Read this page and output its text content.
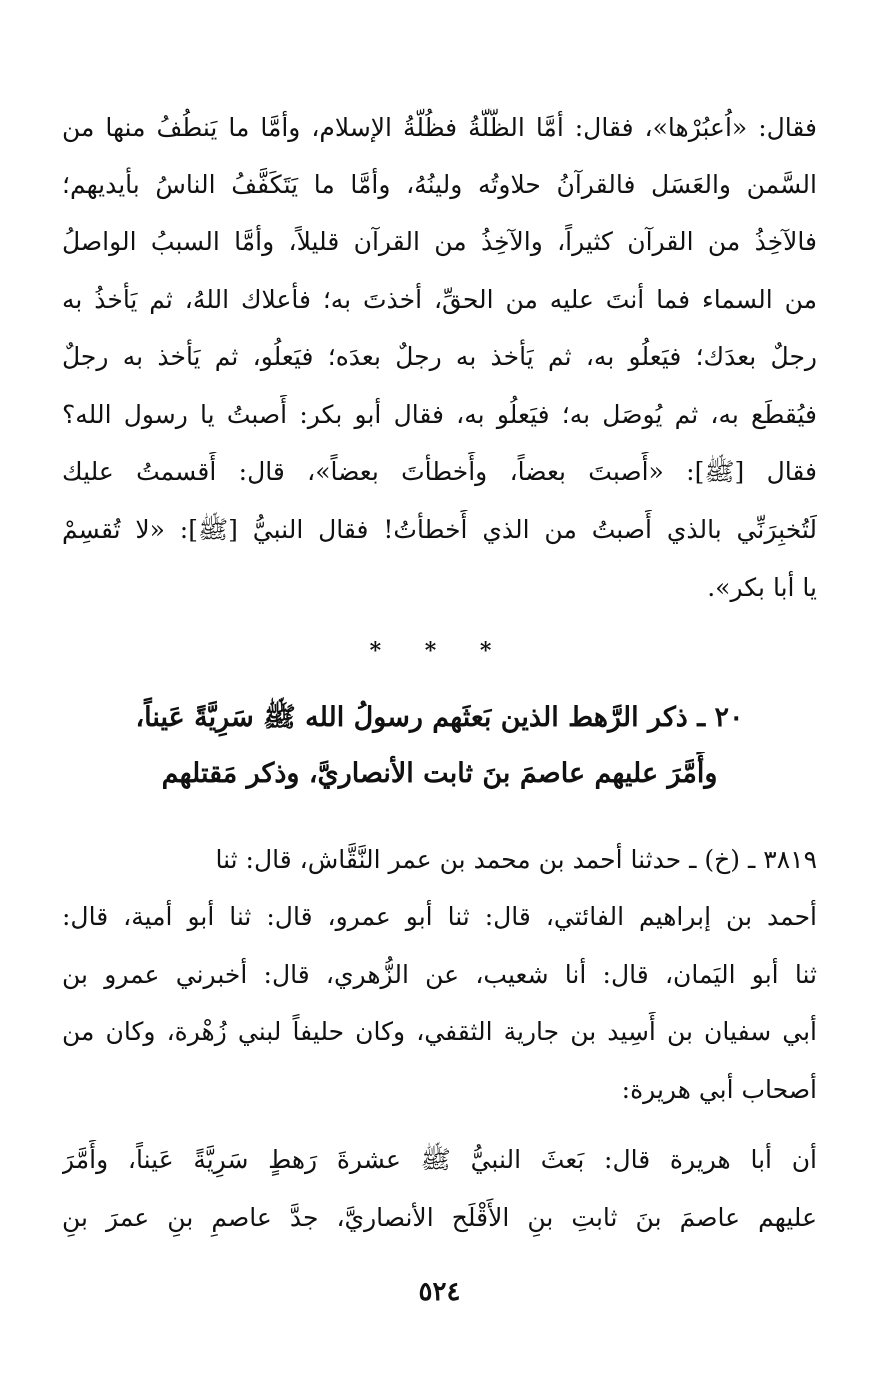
فقال: «اُعبُرْها»، فقال: أمَّا الظُّلَّةُ فظُلَّةُ الإسلام، وأمَّا ما يَنطُفُ منها من
السَّمن والعَسَل فالقرآنُ حلاوتُه ولينُهُ، وأمَّا ما يَتَكَفَّفُ الناسُ بأيديهم؛
فالآخِذُ من القرآن كثيراً، والآخِذُ من القرآن قليلاً، وأمَّا السببُ الواصلُ
من السماء فما أنتَ عليه من الحقِّ، أخذتَ به؛ فأعلاك اللهُ، ثم يَأخذُ به
رجلٌ بعدَك؛ فيَعلُو به، ثم يَأخذ به رجلٌ بعدَه؛ فيَعلُو، ثم يَأخذ به رجلٌ
فيُقطَع به، ثم يُوصَل به؛ فيَعلُو به، فقال أبو بكر: أَصبتُ يا رسول الله؟
فقال [ﷺ]: «أَصبتَ بعضاً، وأَخطأتَ بعضاً»، قال: أَقسمتُ عليك
لَتُخبِرَنِّي بالذي أَصبتُ من الذي أَخطأتُ! فقال النبيُّ [ﷺ]: «لا تُقسِمْ
يا أبا بكر».
* * *
٢٠ ـ ذكر الرَّهط الذين بَعثَهم رسولُ الله ﷺ سَرِيَّةً عَيناً،
وأَمَّرَ عليهم عاصمَ بنَ ثابت الأنصاريَّ، وذكر مَقتلهم
٣٨١٩ ـ (خ) ـ حدثنا أحمد بن محمد بن عمر النَّقَّاش، قال: ثنا
أحمد بن إبراهيم الفائتي، قال: ثنا أبو عمرو، قال: ثنا أبو أمية، قال:
ثنا أبو اليَمان، قال: أنا شعيب، عن الزُّهري، قال: أخبرني عمرو بن
أبي سفيان بن أَسِيد بن جارية الثقفي، وكان حليفاً لبني زُهْرة، وكان من
أصحاب أبي هريرة:
أن أبا هريرة قال: بَعثَ النبيُّ ﷺ عشرةَ رَهطٍ سَرِيَّةً عَيناً، وأَمَّرَ
عليهم عاصمَ بنَ ثابتِ بنِ الأَقْلَح الأنصاريَّ، جدَّ عاصمِ بنِ عمرَ بنِ
٥٢٤
